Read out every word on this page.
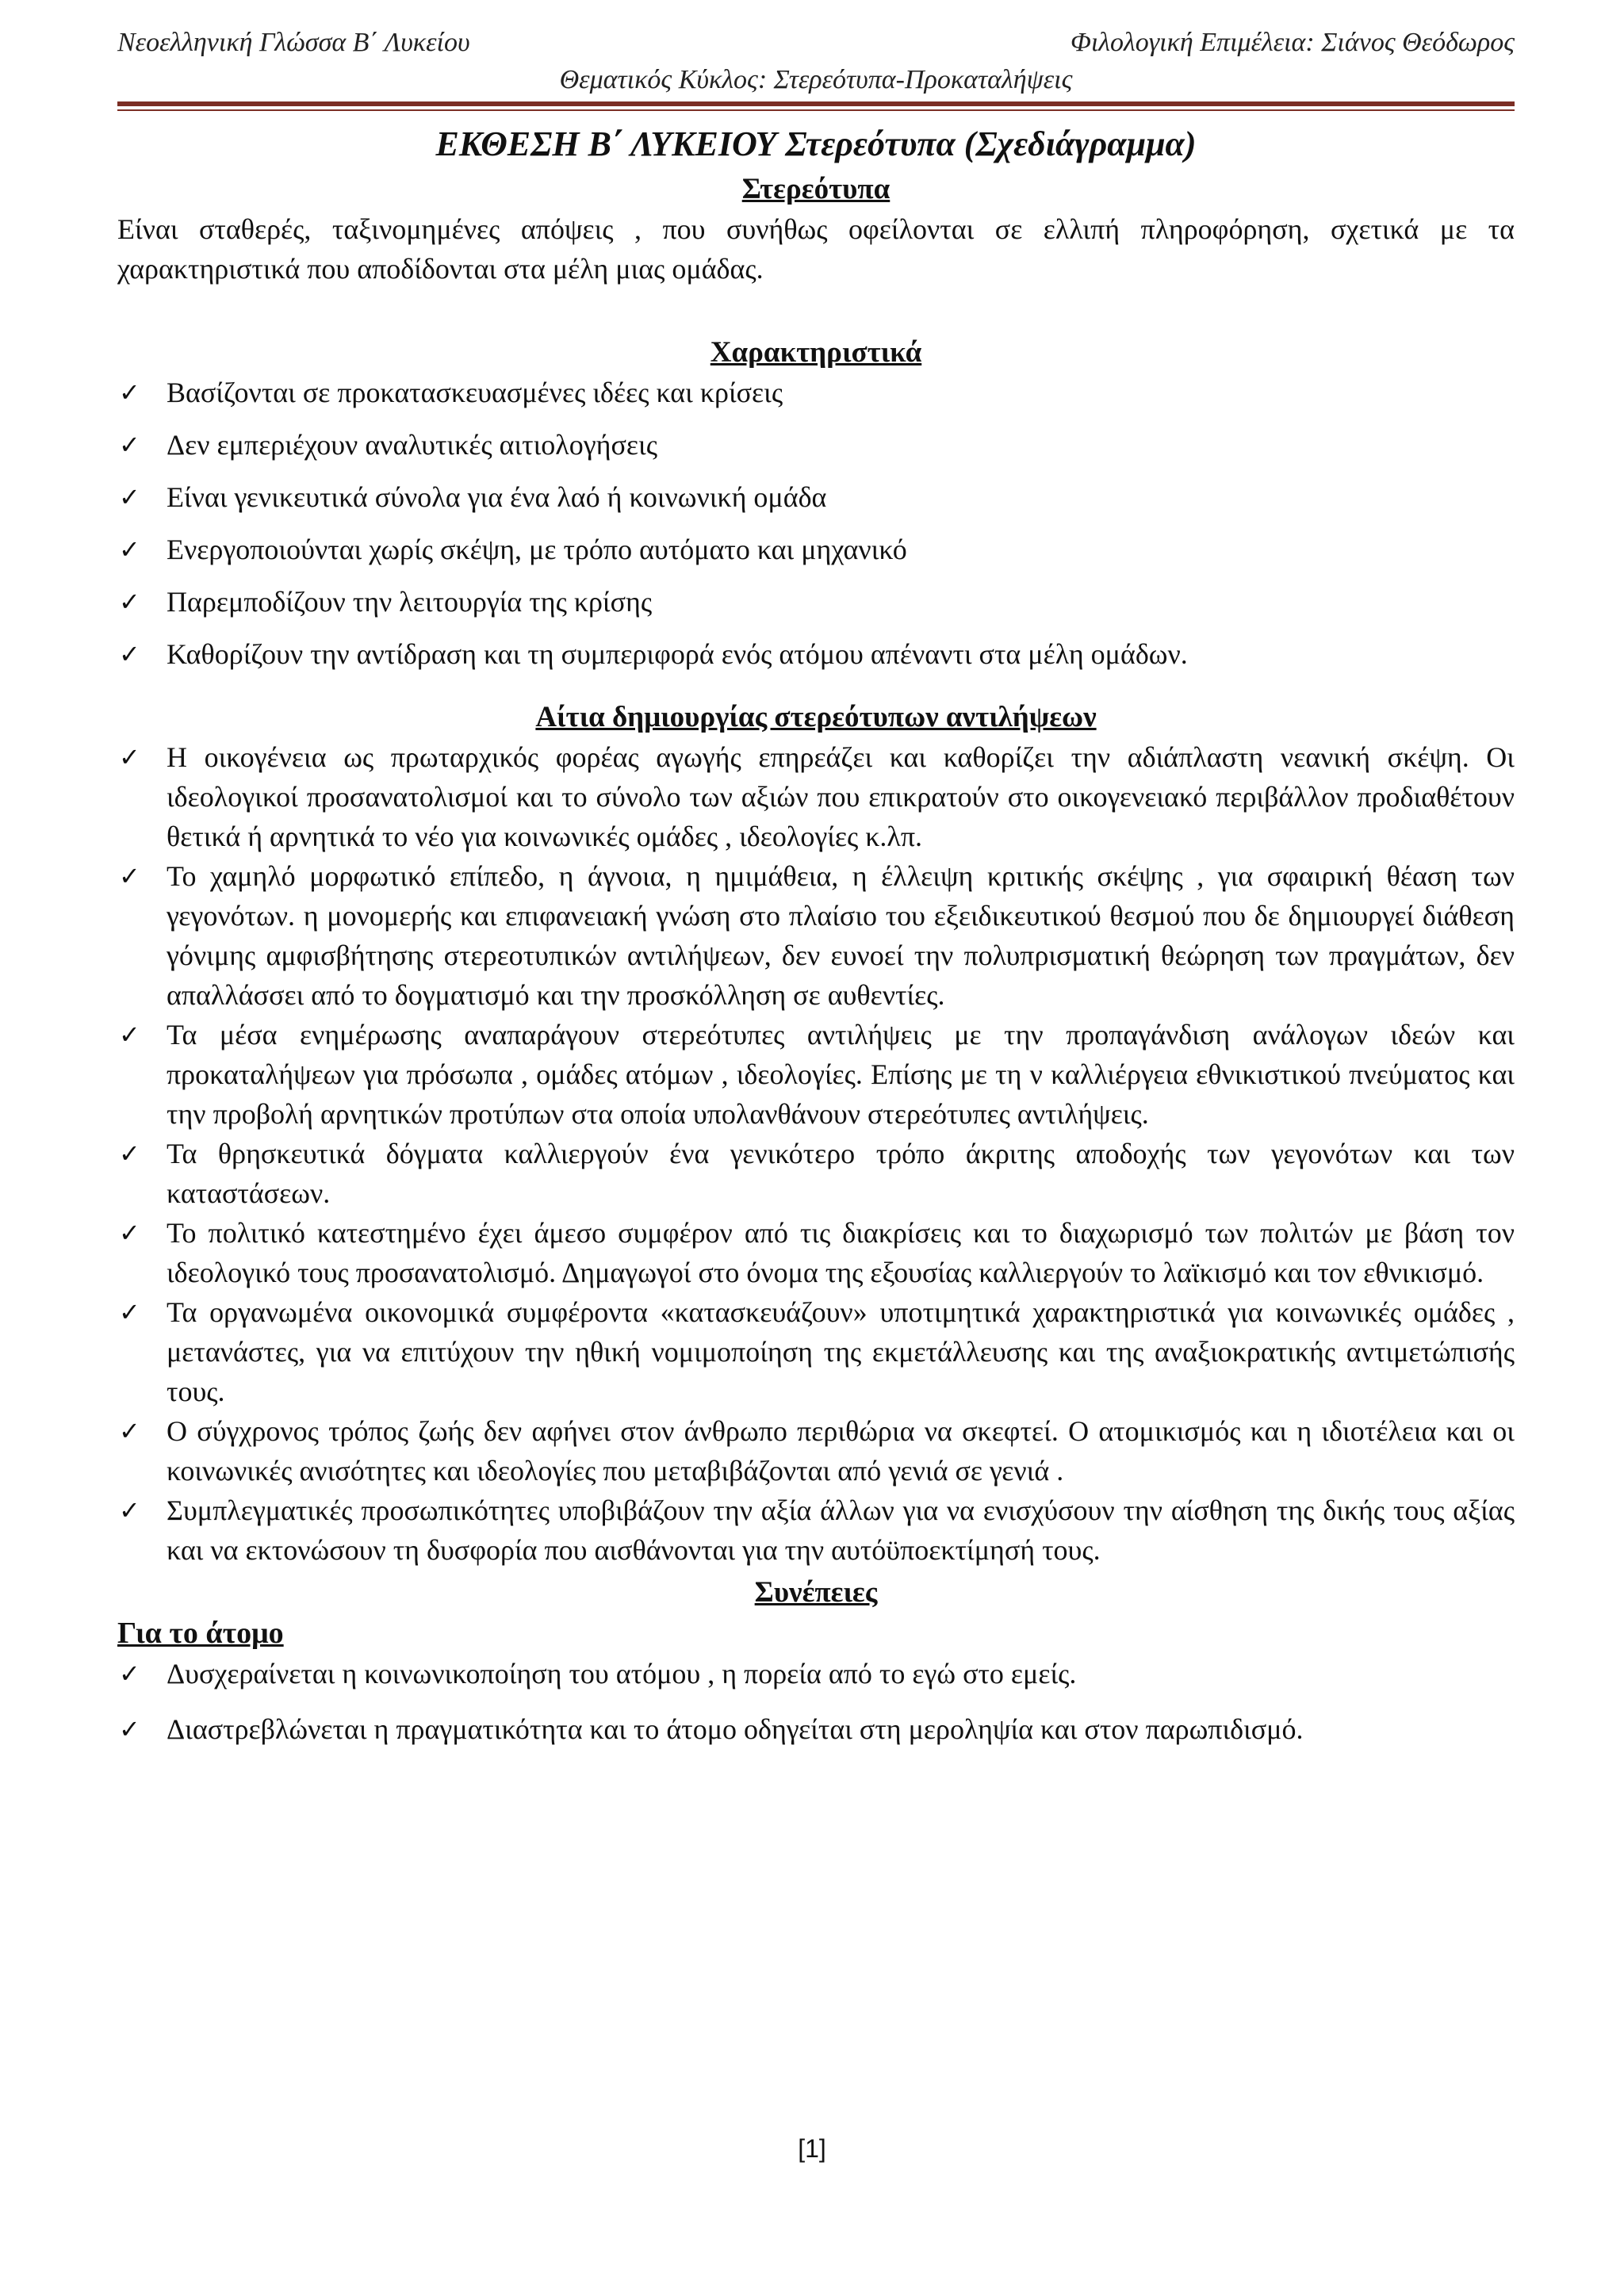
Νεοελληνική Γλώσσα Β΄ Λυκείου	Φιλολογική Επιμέλεια: Σιάνος Θεόδωρος
Θεματικός Κύκλος: Στερεότυπα-Προκαταλήψεις
ΕΚΘΕΣΗ Β΄ ΛΥΚΕΙΟΥ Στερεότυπα (Σχεδιάγραμμα)
Στερεότυπα
Είναι σταθερές, ταξινομημένες απόψεις , που συνήθως οφείλονται σε ελλιπή πληροφόρηση, σχετικά με τα χαρακτηριστικά που αποδίδονται στα μέλη μιας ομάδας.
Χαρακτηριστικά
✓ Βασίζονται σε προκατασκευασμένες ιδέες και κρίσεις
✓ Δεν εμπεριέχουν αναλυτικές αιτιολογήσεις
✓ Είναι γενικευτικά σύνολα για ένα λαό ή κοινωνική ομάδα
✓ Ενεργοποιούνται χωρίς σκέψη, με τρόπο αυτόματο και μηχανικό
✓ Παρεμποδίζουν την λειτουργία της κρίσης
✓ Καθορίζουν την αντίδραση και τη συμπεριφορά ενός ατόμου απέναντι στα μέλη ομάδων.
Αίτια δημιουργίας στερεότυπων αντιλήψεων
✓ Η οικογένεια ως πρωταρχικός φορέας αγωγής επηρεάζει και καθορίζει την αδιάπλαστη νεανική σκέψη. Οι ιδεολογικοί προσανατολισμοί και το σύνολο των αξιών που επικρατούν στο οικογενειακό περιβάλλον προδιαθέτουν θετικά ή αρνητικά το νέο για κοινωνικές ομάδες , ιδεολογίες κ.λπ.
✓ Το χαμηλό μορφωτικό επίπεδο, η άγνοια, η ημιμάθεια, η έλλειψη κριτικής σκέψης , για σφαιρική θέαση των γεγονότων. η μονομερής και επιφανειακή γνώση στο πλαίσιο του εξειδικευτικού θεσμού που δε δημιουργεί διάθεση γόνιμης αμφισβήτησης στερεοτυπικών αντιλήψεων, δεν ευνοεί την πολυπρισματική θεώρηση των πραγμάτων, δεν απαλλάσσει από το δογματισμό και την προσκόλληση σε αυθεντίες.
✓ Τα μέσα ενημέρωσης αναπαράγουν στερεότυπες αντιλήψεις με την προπαγάνδιση ανάλογων ιδεών και προκαταλήψεων για πρόσωπα , ομάδες ατόμων , ιδεολογίες. Επίσης με τη ν καλλιέργεια εθνικιστικού πνεύματος και την προβολή αρνητικών προτύπων στα οποία υπολανθάνουν στερεότυπες αντιλήψεις.
✓ Τα θρησκευτικά δόγματα καλλιεργούν ένα γενικότερο τρόπο άκριτης αποδοχής των γεγονότων και των καταστάσεων.
✓ Το πολιτικό κατεστημένο έχει άμεσο συμφέρον από τις διακρίσεις και το διαχωρισμό των πολιτών με βάση τον ιδεολογικό τους προσανατολισμό. Δημαγωγοί στο όνομα της εξουσίας καλλιεργούν το λαϊκισμό και τον εθνικισμό.
✓ Τα οργανωμένα οικονομικά συμφέροντα «κατασκευάζουν» υποτιμητικά χαρακτηριστικά για κοινωνικές ομάδες , μετανάστες, για να επιτύχουν την ηθική νομιμοποίηση της εκμετάλλευσης και της αναξιοκρατικής αντιμετώπισής τους.
✓ Ο σύγχρονος τρόπος ζωής δεν αφήνει στον άνθρωπο περιθώρια να σκεφτεί. Ο ατομικισμός και η ιδιοτέλεια και οι κοινωνικές ανισότητες και ιδεολογίες που μεταβιβάζονται από γενιά σε γενιά .
✓ Συμπλεγματικές προσωπικότητες υποβιβάζουν την αξία άλλων για να ενισχύσουν την αίσθηση της δικής τους αξίας και να εκτονώσουν τη δυσφορία που αισθάνονται για την αυτόϋποεκτίμησή τους.
Συνέπειες
Για το άτομο
✓ Δυσχεραίνεται η κοινωνικοποίηση του ατόμου , η πορεία από το εγώ στο εμείς.
✓ Διαστρεβλώνεται η πραγματικότητα και το άτομο οδηγείται στη μεροληψία και στον παρωπιδισμό.
[1]
